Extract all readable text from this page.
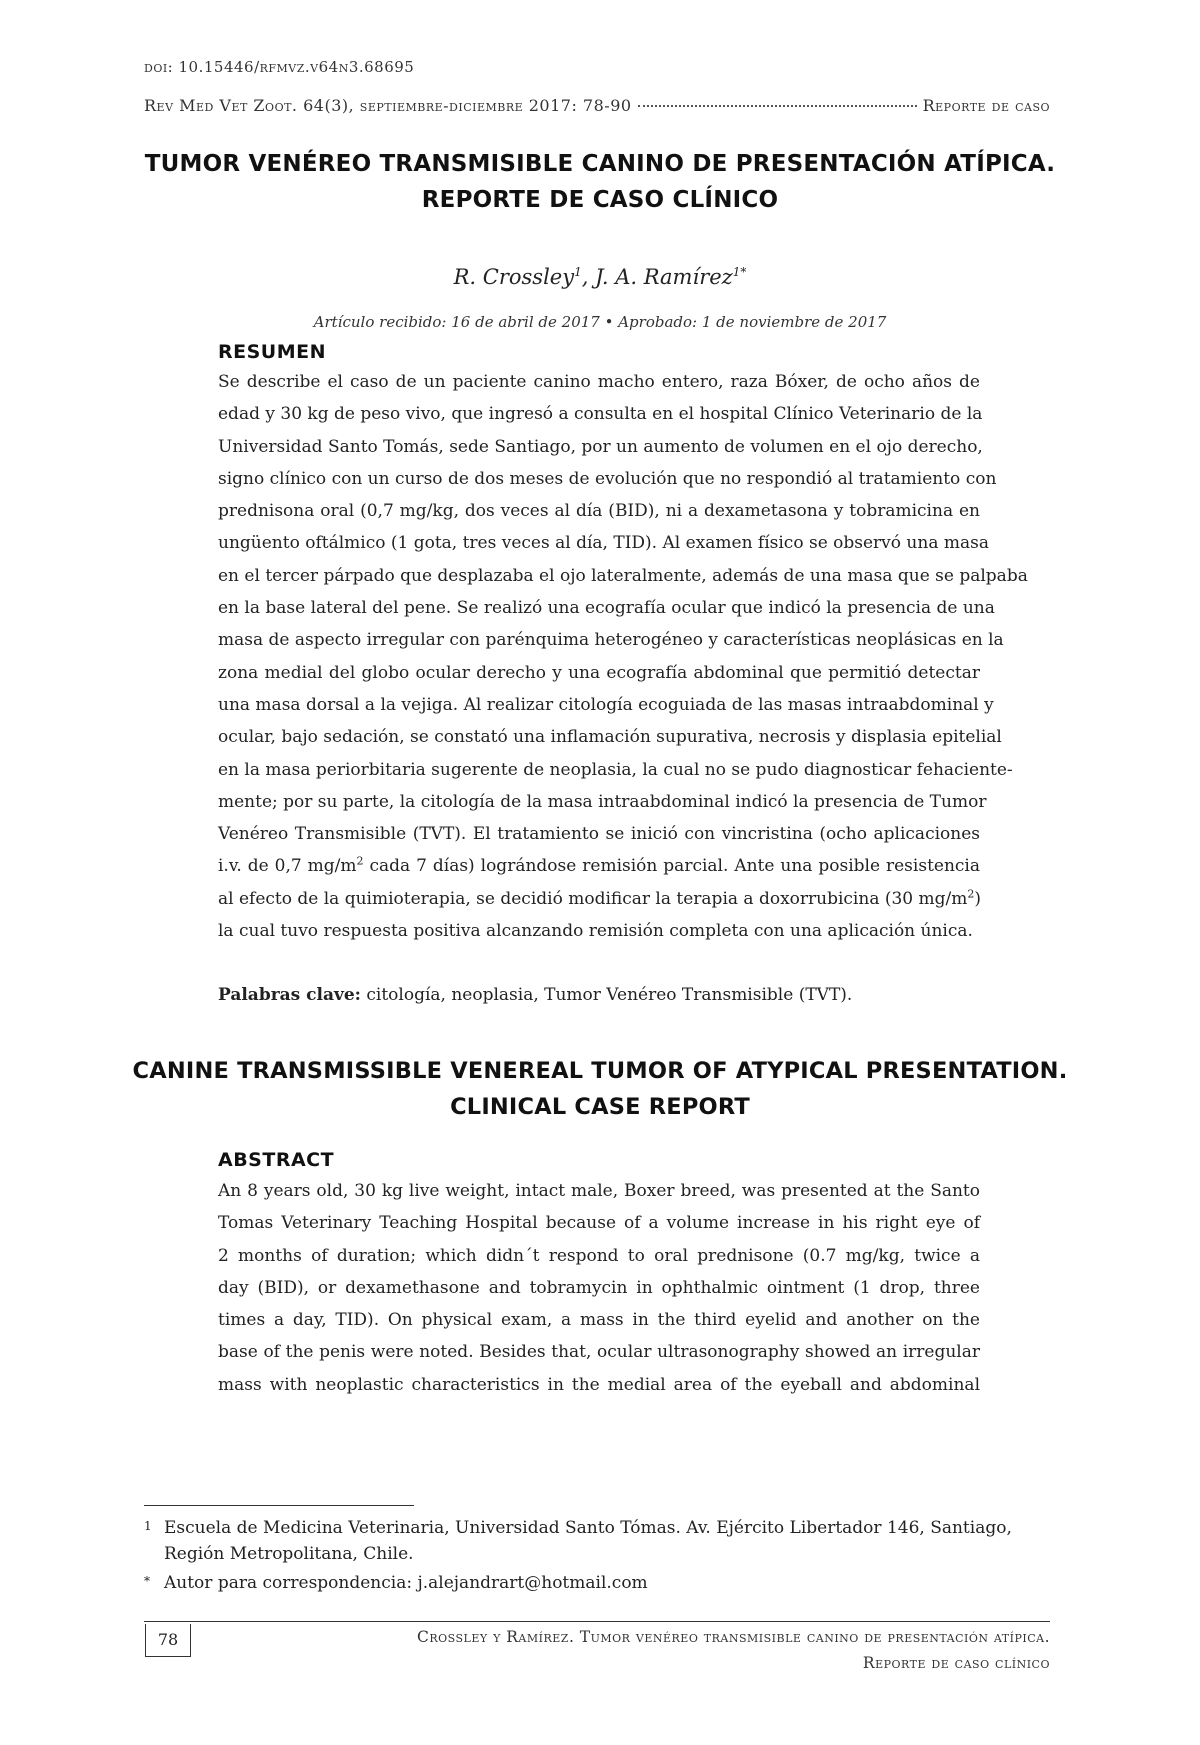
doi: 10.15446/rfmvz.v64n3.68695
Rev Med Vet Zoot. 64(3), septiembre-diciembre 2017: 78-90	Reporte de caso
TUMOR VENÉREO TRANSMISIBLE CANINO DE PRESENTACIÓN ATÍPICA.
REPORTE DE CASO CLÍNICO
R. Crossley$^1$, J. A. Ramírez$^{1*}$
Artículo recibido: 16 de abril de 2017 • Aprobado: 1 de noviembre de 2017
RESUMEN
Se describe el caso de un paciente canino macho entero, raza Bóxer, de ocho años de
edad y 30 kg de peso vivo, que ingresó a consulta en el hospital Clínico Veterinario de la
Universidad Santo Tomás, sede Santiago, por un aumento de volumen en el ojo derecho,
signo clínico con un curso de dos meses de evolución que no respondió al tratamiento con
prednisona oral (0,7 mg/kg, dos veces al día (BID), ni a dexametasona y tobramicina en
ungüento oftálmico (1 gota, tres veces al día, TID). Al examen físico se observó una masa
en el tercer párpado que desplazaba el ojo lateralmente, además de una masa que se palpaba
en la base lateral del pene. Se realizó una ecografía ocular que indicó la presencia de una
masa de aspecto irregular con parénquima heterogéneo y características neoplásicas en la
zona medial del globo ocular derecho y una ecografía abdominal que permitió detectar
una masa dorsal a la vejiga. Al realizar citología ecoguiada de las masas intraabdominal y
ocular, bajo sedación, se constató una inflamación supurativa, necrosis y displasia epitelial
en la masa periorbitaria sugerente de neoplasia, la cual no se pudo diagnosticar fehaciente-
mente; por su parte, la citología de la masa intraabdominal indicó la presencia de Tumor
Venéreo Transmisible (TVT). El tratamiento se inició con vincristina (ocho aplicaciones
i.v. de 0,7 $mg/m^2$ cada 7 días) lográndose remisión parcial. Ante una posible resistencia
al efecto de la quimioterapia, se decidió modificar la terapia a doxorrubicina (30 $mg/m^2$)
la cual tuvo respuesta positiva alcanzando remisión completa con una aplicación única.
Palabras clave: citología, neoplasia, Tumor Venéreo Transmisible (TVT).
CANINE TRANSMISSIBLE VENEREAL TUMOR OF ATYPICAL PRESENTATION.
CLINICAL CASE REPORT
ABSTRACT
An 8 years old, 30 kg live weight, intact male, Boxer breed, was presented at the Santo
Tomas Veterinary Teaching Hospital because of a volume increase in his right eye of
2 months of duration; which didn´t respond to oral prednisone (0.7 mg/kg, twice a
day (BID), or dexamethasone and tobramycin in ophthalmic ointment (1 drop, three
times a day, TID). On physical exam, a mass in the third eyelid and another on the
base of the penis were noted. Besides that, ocular ultrasonography showed an irregular
mass with neoplastic characteristics in the medial area of the eyeball and abdominal
1 Escuela de Medicina Veterinaria, Universidad Santo Tómas. Av. Ejército Libertador 146, Santiago, Región Metropolitana, Chile.
* Autor para correspondencia: j.alejandrart@hotmail.com
78	Crossley y Ramírez. Tumor venéreo transmisible canino de presentación atípica.
Reporte de caso clínico
